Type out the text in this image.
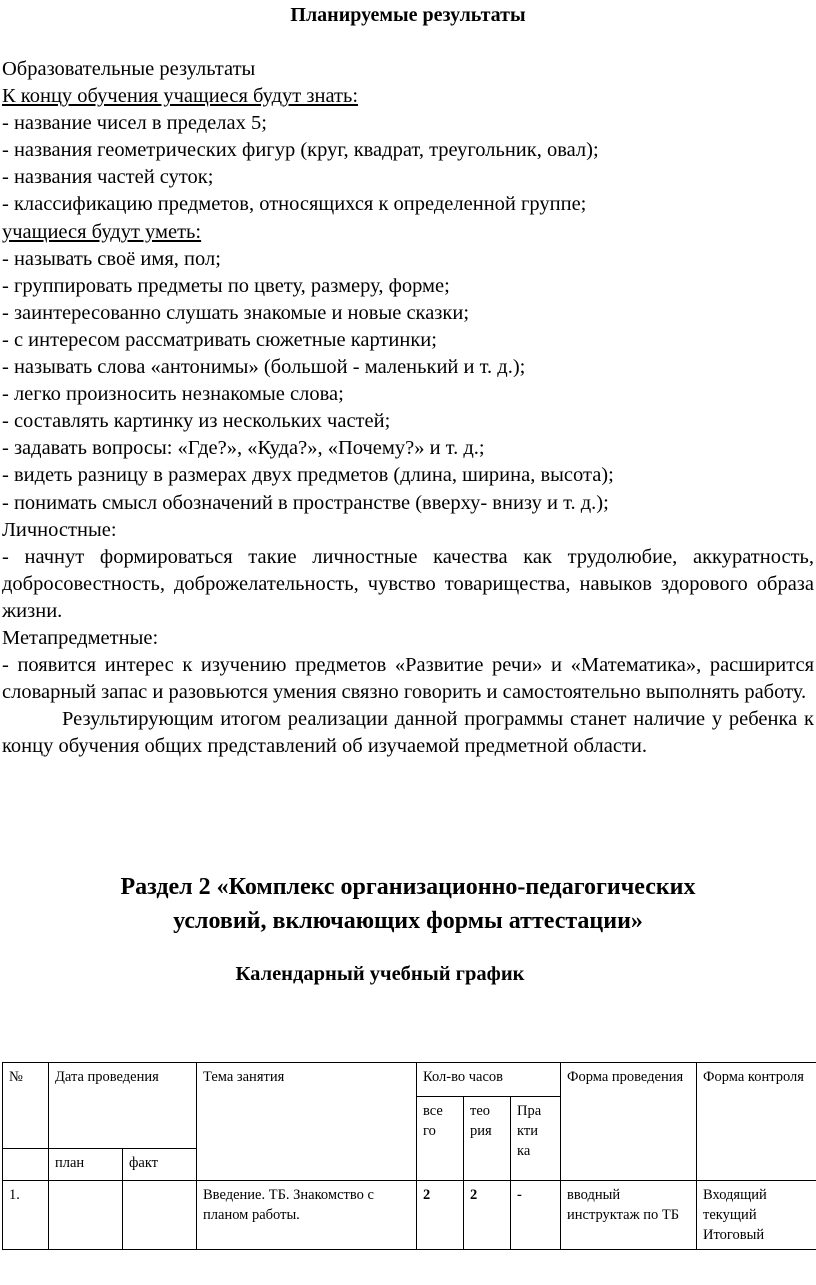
Планируемые результаты

Образовательные результаты

К концу обучения учащиеся будут знать:

- название чисел в пределах 5;

- названия геометрических фигур (круг, квадрат, треугольник, овал);

- названия частей суток;

- классификацию предметов, относящихся к определенной группе;

учащиеся будут уметь:

- называть своё имя, пол;

- группировать предметы по цвету, размеру, форме;

- заинтересованно слушать знакомые и новые сказки;

- с интересом рассматривать сюжетные картинки;

- называть слова «антонимы» (большой - маленький и т. д.);

- легко произносить незнакомые слова;

- составлять картинку из нескольких частей;

- задавать вопросы: «Где?», «Куда?», «Почему?» и т. д.;

- видеть разницу в размерах двух предметов (длина, ширина, высота);

- понимать смысл обозначений в пространстве (вверху- внизу и т. д.);

Личностные:

- начнут формироваться такие личностные качества как трудолюбие, аккуратность, добросовестность, доброжелательность, чувство товарищества, навыков здорового образа жизни.

Метапредметные:

- появится интерес к изучению предметов «Развитие речи» и «Математика», расширится словарный запас и разовьются умения связно говорить и самостоятельно выполнять работу.

Результирующим итогом реализации данной программы станет наличие у ребенка к концу обучения общих представлений об изучаемой предметной области.

Раздел 2 «Комплекс организационно-педагогических
условий, включающих формы аттестации»
Календарный учебный график
№	Дата проведения		Тема занятия	Кол-во часов			Форма проведения	Форма контроля
				все го	тео рия	Пра кти ка		
	план	факт						
1.			Введение. ТБ. Знакомство с планом работы.	2	2	-	вводный инструктаж по ТБ	Входящий текущий Итоговый
